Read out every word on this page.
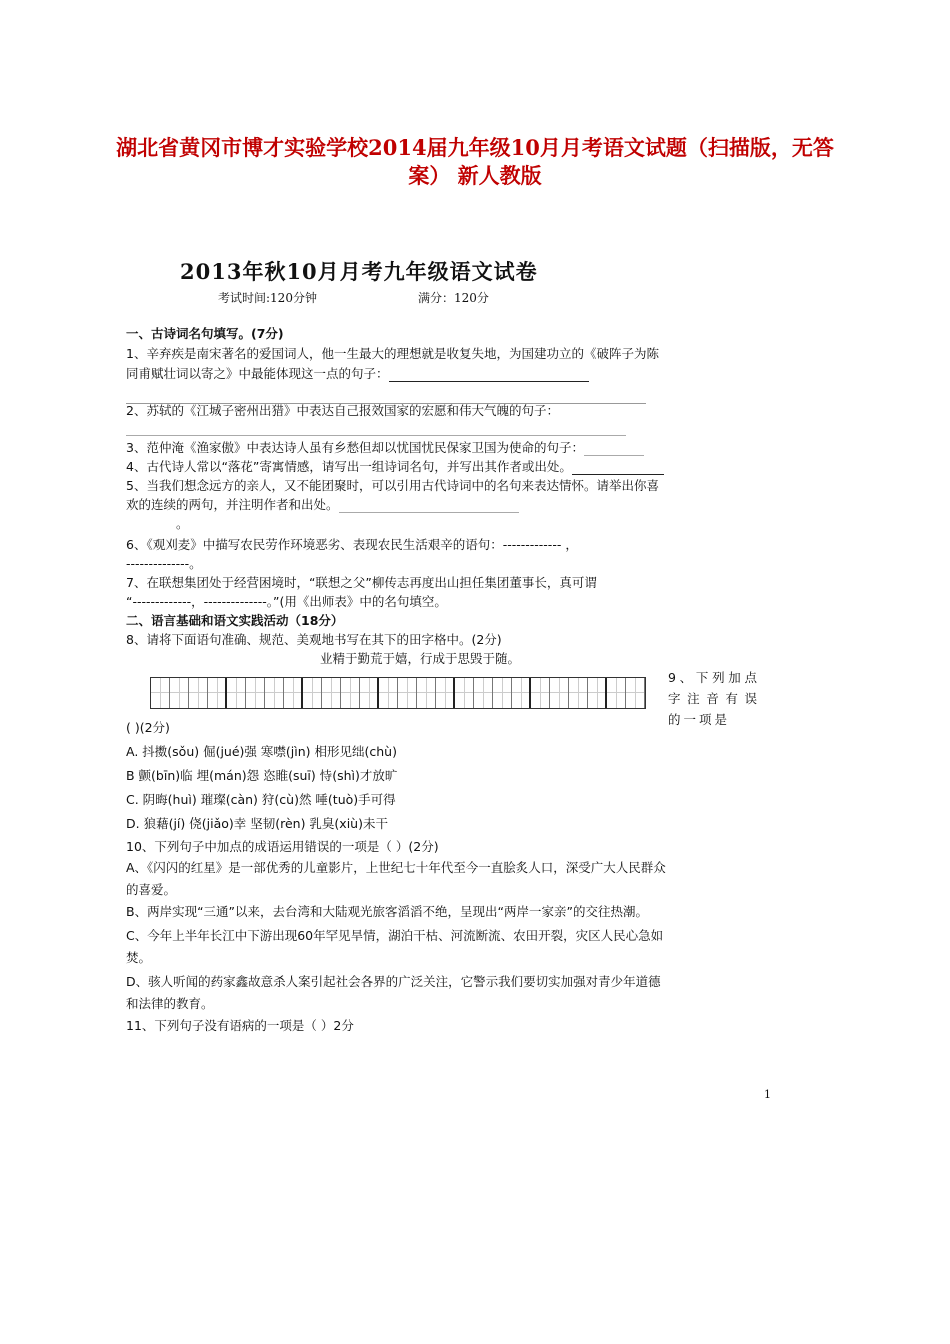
湖北省黄冈市博才实验学校2014届九年级10月月考语文试题（扫描版，无答
案） 新人教版
2013年秋10月月考九年级语文试卷
考试时间:120分钟	满分：120分
一、古诗词名句填写。(7分)
1、辛弃疾是南宋著名的爱国词人，他一生最大的理想就是收复失地，为国建功立的《破阵子为陈
同甫赋壮词以寄之》中最能体现这一点的句子：
2、苏轼的《江城子密州出猎》中表达自己报效国家的宏愿和伟大气魄的句子：
3、范仲淹《渔家傲》中表达诗人虽有乡愁但却以忧国忧民保家卫国为使命的句子：
4、古代诗人常以“落花”寄寓情感，请写出一组诗词名句，并写出其作者或出处。
5、当我们想念远方的亲人，又不能团聚时，可以引用古代诗词中的名句来表达情怀。请举出你喜
欢的连续的两句，并注明作者和出处。
。
6、《观刈麦》中描写农民劳作环境恶劣、表现农民生活艰辛的语句：------------- ，
--------------。
7、在联想集团处于经营困境时，“联想之父”柳传志再度出山担任集团董事长，真可谓
“-------------，--------------。”(用《出师表》中的名句填空。
二、语言基础和语文实践活动（18分）
8、请将下面语句准确、规范、美观地书写在其下的田字格中。(2分)
业精于勤荒于嬉，行成于思毁于随。
9、下列加点字注音有误的一项是
( )(2分)
A. 抖擞(sǒu) 倔(jué)强 寒噤(jìn) 相形见绌(chù)
B 颤(bīn)临 埋(mán)怨 恣睢(suī) 恃(shì)才放旷
C. 阴晦(huì) 璀璨(càn) 狩(cù)然 唾(tuò)手可得
D. 狼藉(jí) 侥(jiǎo)幸 坚韧(rèn) 乳臭(xiù)未干
10、下列句子中加点的成语运用错误的一项是（ ）(2分)
A、《闪闪的红星》是一部优秀的儿童影片，上世纪七十年代至今一直脍炙人口，深受广大人民群众
的喜爱。
B、两岸实现“三通”以来，去台湾和大陆观光旅客滔滔不绝，呈现出“两岸一家亲”的交往热潮。
C、今年上半年长江中下游出现60年罕见旱情，湖泊干枯、河流断流、农田开裂，灾区人民心急如
焚。
D、骇人听闻的药家鑫故意杀人案引起社会各界的广泛关注，它警示我们要切实加强对青少年道德
和法律的教育。
11、下列句子没有语病的一项是（ ）2分
1
